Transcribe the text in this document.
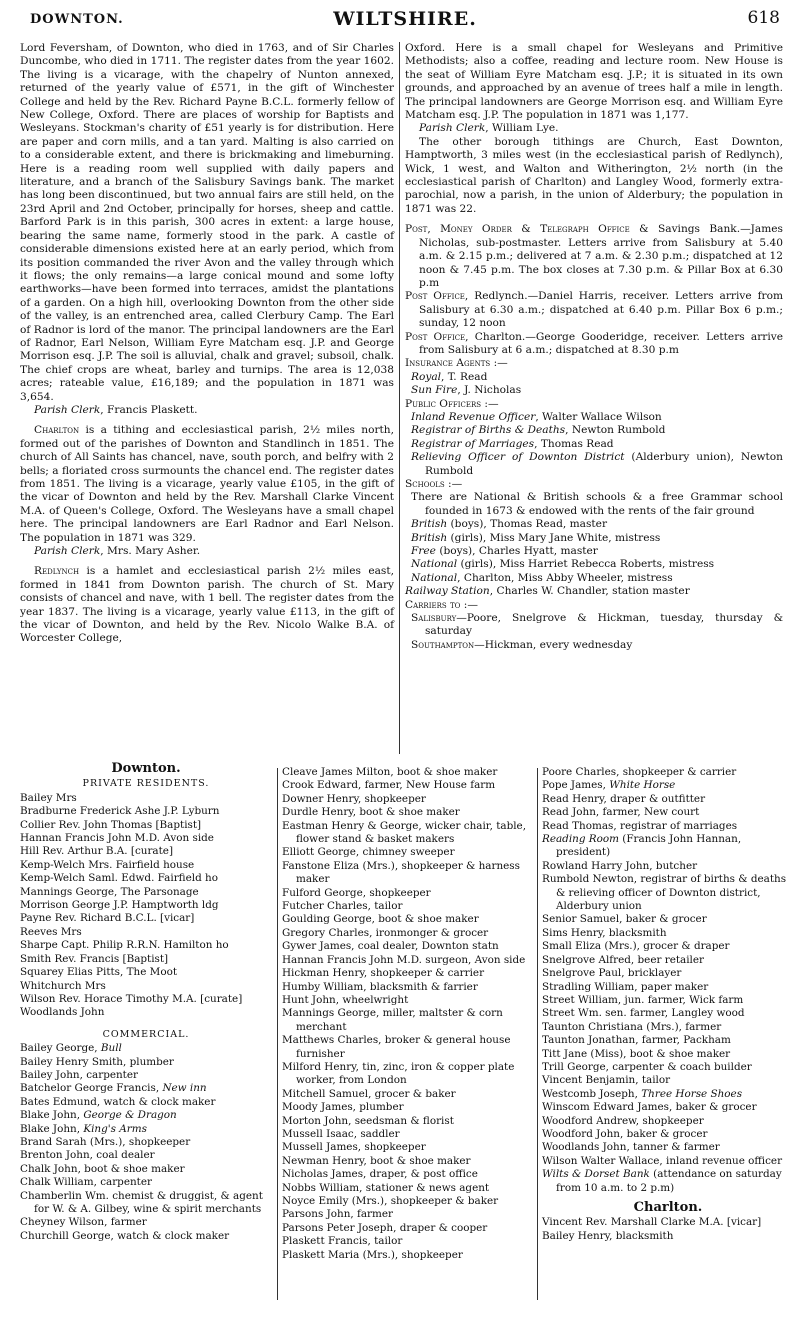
DOWNTON.	WILTSHIRE.	618

Lord Feversham, of Downton, who died in 1763, and of Sir Charles Duncombe, who died in 1711. The register dates from the year 1602. The living is a vicarage, with the chapelry of Nunton annexed, returned of the yearly value of £571, in the gift of Winchester College and held by the Rev. Richard Payne B.C.L. formerly fellow of New College, Oxford. There are places of worship for Baptists and Wesleyans. Stockman's charity of £51 yearly is for distribution. Here are paper and corn mills, and a tan yard. Malting is also carried on to a considerable extent, and there is brickmaking and limeburning. Here is a reading room well supplied with daily papers and literature, and a branch of the Salisbury Savings bank. The market has long been discontinued, but two annual fairs are still held, on the 23rd April and 2nd October, principally for horses, sheep and cattle. Barford Park is in this parish, 300 acres in extent: a large house, bearing the same name, formerly stood in the park. A castle of considerable dimensions existed here at an early period, which from its position commanded the river Avon and the valley through which it flows; the only remains—a large conical mound and some lofty earthworks—have been formed into terraces, amidst the plantations of a garden. On a high hill, overlooking Downton from the other side of the valley, is an entrenched area, called Clerbury Camp. The Earl of Radnor is lord of the manor. The principal landowners are the Earl of Radnor, Earl Nelson, William Eyre Matcham esq. J.P. and George Morrison esq. J.P. The soil is alluvial, chalk and gravel; subsoil, chalk. The chief crops are wheat, barley and turnips. The area is 12,038 acres; rateable value, £16,189; and the population in 1871 was 3,654.

Parish Clerk, Francis Plaskett.

Charlton is a tithing and ecclesiastical parish, 2½ miles north, formed out of the parishes of Downton and Standlinch in 1851. The church of All Saints has chancel, nave, south porch, and belfry with 2 bells; a floriated cross surmounts the chancel end. The register dates from 1851. The living is a vicarage, yearly value £105, in the gift of the vicar of Downton and held by the Rev. Marshall Clarke Vincent M.A. of Queen's College, Oxford. The Wesleyans have a small chapel here. The principal landowners are Earl Radnor and Earl Nelson. The population in 1871 was 329.

Parish Clerk, Mrs. Mary Asher.

Redlynch is a hamlet and ecclesiastical parish 2½ miles east, formed in 1841 from Downton parish. The church of St. Mary consists of chancel and nave, with 1 bell. The register dates from the year 1837. The living is a vicarage, yearly value £113, in the gift of the vicar of Downton, and held by the Rev. Nicolo Walke B.A. of Worcester College,

Oxford. Here is a small chapel for Wesleyans and Primitive Methodists; also a coffee, reading and lecture room. New House is the seat of William Eyre Matcham esq. J.P.; it is situated in its own grounds, and approached by an avenue of trees half a mile in length. The principal landowners are George Morrison esq. and William Eyre Matcham esq. J.P. The population in 1871 was 1,177.

Parish Clerk, William Lye.

The other borough tithings are Church, East Downton, Hamptworth, 3 miles west (in the ecclesiastical parish of Redlynch), Wick, 1 west, and Walton and Witherington, 2½ north (in the ecclesiastical parish of Charlton) and Langley Wood, formerly extra-parochial, now a parish, in the union of Alderbury; the population in 1871 was 22.

Post, Money Order & Telegraph Office & Savings Bank.—James Nicholas, sub-postmaster. Letters arrive from Salisbury at 5.40 a.m. & 2.15 p.m.; delivered at 7 a.m. & 2.30 p.m.; dispatched at 12 noon & 7.45 p.m. The box closes at 7.30 p.m. & Pillar Box at 6.30 p.m

Post Office, Redlynch.—Daniel Harris, receiver. Letters arrive from Salisbury at 6.30 a.m.; dispatched at 6.40 p.m. Pillar Box 6 p.m.; sunday, 12 noon

Post Office, Charlton.—George Gooderidge, receiver. Letters arrive from Salisbury at 6 a.m.; dispatched at 8.30 p.m

Insurance Agents :—

Royal, T. Read

Sun Fire, J. Nicholas

Public Officers :—

Inland Revenue Officer, Walter Wallace Wilson

Registrar of Births & Deaths, Newton Rumbold

Registrar of Marriages, Thomas Read

Relieving Officer of Downton District (Alderbury union), Newton Rumbold

Schools :—

There are National & British schools & a free Grammar school founded in 1673 & endowed with the rents of the fair ground

British (boys), Thomas Read, master

British (girls), Miss Mary Jane White, mistress

Free (boys), Charles Hyatt, master

National (girls), Miss Harriet Rebecca Roberts, mistress

National, Charlton, Miss Abby Wheeler, mistress

Railway Station, Charles W. Chandler, station master

Carriers to :—

Salisbury—Poore, Snelgrove & Hickman, tuesday, thursday & saturday

Southampton—Hickman, every wednesday

Downton.
PRIVATE RESIDENTS.
Bailey Mrs
Bradburne Frederick Ashe J.P. Lyburn
Collier Rev. John Thomas [Baptist]
Hannan Francis John M.D. Avon side
Hill Rev. Arthur B.A. [curate]
Kemp-Welch Mrs. Fairfield house
Kemp-Welch Saml. Edwd. Fairfield ho
Mannings George, The Parsonage
Morrison George J.P. Hamptworth ldg
Payne Rev. Richard B.C.L. [vicar]
Reeves Mrs
Sharpe Capt. Philip R.R.N. Hamilton ho
Smith Rev. Francis [Baptist]
Squarey Elias Pitts, The Moot
Whitchurch Mrs
Wilson Rev. Horace Timothy M.A. [curate]
Woodlands John
COMMERCIAL.
Bailey George, Bull
Bailey Henry Smith, plumber
Bailey John, carpenter
Batchelor George Francis, New inn
Bates Edmund, watch & clock maker
Blake John, George & Dragon
Blake John, King's Arms
Brand Sarah (Mrs.), shopkeeper
Brenton John, coal dealer
Chalk John, boot & shoe maker
Chalk William, carpenter
Chamberlin Wm. chemist & druggist, & agent for W. & A. Gilbey, wine & spirit merchants
Cheyney Wilson, farmer
Churchill George, watch & clock maker
Cleave James Milton, boot & shoe maker
Crook Edward, farmer, New House farm
Downer Henry, shopkeeper
Durdle Henry, boot & shoe maker
Eastman Henry & George, wicker chair, table, flower stand & basket makers
Elliott George, chimney sweeper
Fanstone Eliza (Mrs.), shopkeeper & harness maker
Fulford George, shopkeeper
Futcher Charles, tailor
Goulding George, boot & shoe maker
Gregory Charles, ironmonger & grocer
Gywer James, coal dealer, Downton statn
Hannan Francis John M.D. surgeon, Avon side
Hickman Henry, shopkeeper & carrier
Humby William, blacksmith & farrier
Hunt John, wheelwright
Mannings George, miller, maltster & corn merchant
Matthews Charles, broker & general house furnisher
Milford Henry, tin, zinc, iron & copper plate worker, from London
Mitchell Samuel, grocer & baker
Moody James, plumber
Morton John, seedsman & florist
Mussell Isaac, saddler
Mussell James, shopkeeper
Newman Henry, boot & shoe maker
Nicholas James, draper, & post office
Nobbs William, stationer & news agent
Noyce Emily (Mrs.), shopkeeper & baker
Parsons John, farmer
Parsons Peter Joseph, draper & cooper
Plaskett Francis, tailor
Plaskett Maria (Mrs.), shopkeeper
Poore Charles, shopkeeper & carrier
Pope James, White Horse
Read Henry, draper & outfitter
Read John, farmer, New court
Read Thomas, registrar of marriages
Reading Room (Francis John Hannan, president)
Rowland Harry John, butcher
Rumbold Newton, registrar of births & deaths & relieving officer of Downton district, Alderbury union
Senior Samuel, baker & grocer
Sims Henry, blacksmith
Small Eliza (Mrs.), grocer & draper
Snelgrove Alfred, beer retailer
Snelgrove Paul, bricklayer
Stradling William, paper maker
Street William, jun. farmer, Wick farm
Street Wm. sen. farmer, Langley wood
Taunton Christiana (Mrs.), farmer
Taunton Jonathan, farmer, Packham
Titt Jane (Miss), boot & shoe maker
Trill George, carpenter & coach builder
Vincent Benjamin, tailor
Westcomb Joseph, Three Horse Shoes
Winscom Edward James, baker & grocer
Woodford Andrew, shopkeeper
Woodford John, baker & grocer
Woodlands John, tanner & farmer
Wilson Walter Wallace, inland revenue officer
Wilts & Dorset Bank (attendance on saturday from 10 a.m. to 2 p.m)
Charlton.
Vincent Rev. Marshall Clarke M.A. [vicar]
Bailey Henry, blacksmith
